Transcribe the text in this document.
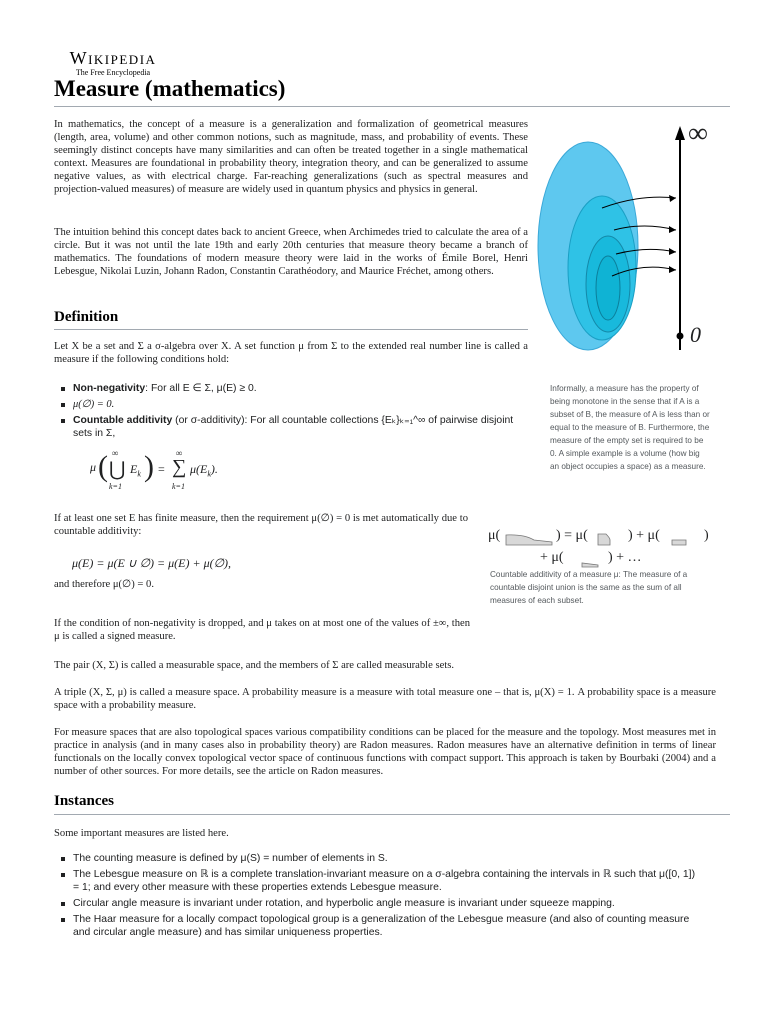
Wikipedia
The Free Encyclopedia
Measure (mathematics)

In mathematics, the concept of a measure is a generalization and formalization of geometrical measures (length, area, volume) and other common notions, such as magnitude, mass, and probability of events. These seemingly distinct concepts have many similarities and can often be treated together in a single mathematical context. Measures are foundational in probability theory, integration theory, and can be generalized to assume negative values, as with electrical charge. Far-reaching generalizations (such as spectral measures and projection-valued measures) of measure are widely used in quantum physics and physics in general.

The intuition behind this concept dates back to ancient Greece, when Archimedes tried to calculate the area of a circle. But it was not until the late 19th and early 20th centuries that measure theory became a branch of mathematics. The foundations of modern measure theory were laid in the works of Émile Borel, Henri Lebesgue, Nikolai Luzin, Johann Radon, Constantin Carathéodory, and Maurice Fréchet, among others.

∞
0

Informally, a measure has the property of being monotone in the sense that if A is a subset of B, the measure of A is less than or equal to the measure of B. Furthermore, the measure of the empty set is required to be 0. A simple example is a volume (how big an object occupies a space) as a measure.

Definition

Let X be a set and Σ a σ-algebra over X. A set function μ from Σ to the extended real number line is called a measure if the following conditions hold:

Non-negativity: For all E ∈ Σ, μ(E) ≥ 0.
μ(∅) = 0.
Countable additivity (or σ-additivity): For all countable collections {Eₖ}ₖ₌₁^∞ of pairwise disjoint sets in Σ,
μ ( ∞
⋃
k=1
$E_k$ ) =
∞
∑
k=1
$\mu(E_k)$.

If at least one set E has finite measure, then the requirement μ(∅) = 0 is met automatically due to countable additivity:

μ(E) = μ(E ∪ ∅) = μ(E) + μ(∅),

and therefore μ(∅) = 0.

μ(	) = μ(	) + μ(	)
+ μ(	) + …

Countable additivity of a measure μ: The measure of a countable disjoint union is the same as the sum of all measures of each subset.

If the condition of non-negativity is dropped, and μ takes on at most one of the values of ±∞, then μ is called a signed measure.

The pair (X, Σ) is called a measurable space, and the members of Σ are called measurable sets.

A triple (X, Σ, μ) is called a measure space. A probability measure is a measure with total measure one – that is, μ(X) = 1. A probability space is a measure space with a probability measure.

For measure spaces that are also topological spaces various compatibility conditions can be placed for the measure and the topology. Most measures met in practice in analysis (and in many cases also in probability theory) are Radon measures. Radon measures have an alternative definition in terms of linear functionals on the locally convex topological vector space of continuous functions with compact support. This approach is taken by Bourbaki (2004) and a number of other sources. For more details, see the article on Radon measures.

Instances

Some important measures are listed here.

The counting measure is defined by μ(S) = number of elements in S.
The Lebesgue measure on ℝ is a complete translation-invariant measure on a σ-algebra containing the intervals in ℝ such that μ([0, 1]) = 1; and every other measure with these properties extends Lebesgue measure.
Circular angle measure is invariant under rotation, and hyperbolic angle measure is invariant under squeeze mapping.
The Haar measure for a locally compact topological group is a generalization of the Lebesgue measure (and also of counting measure and circular angle measure) and has similar uniqueness properties.
